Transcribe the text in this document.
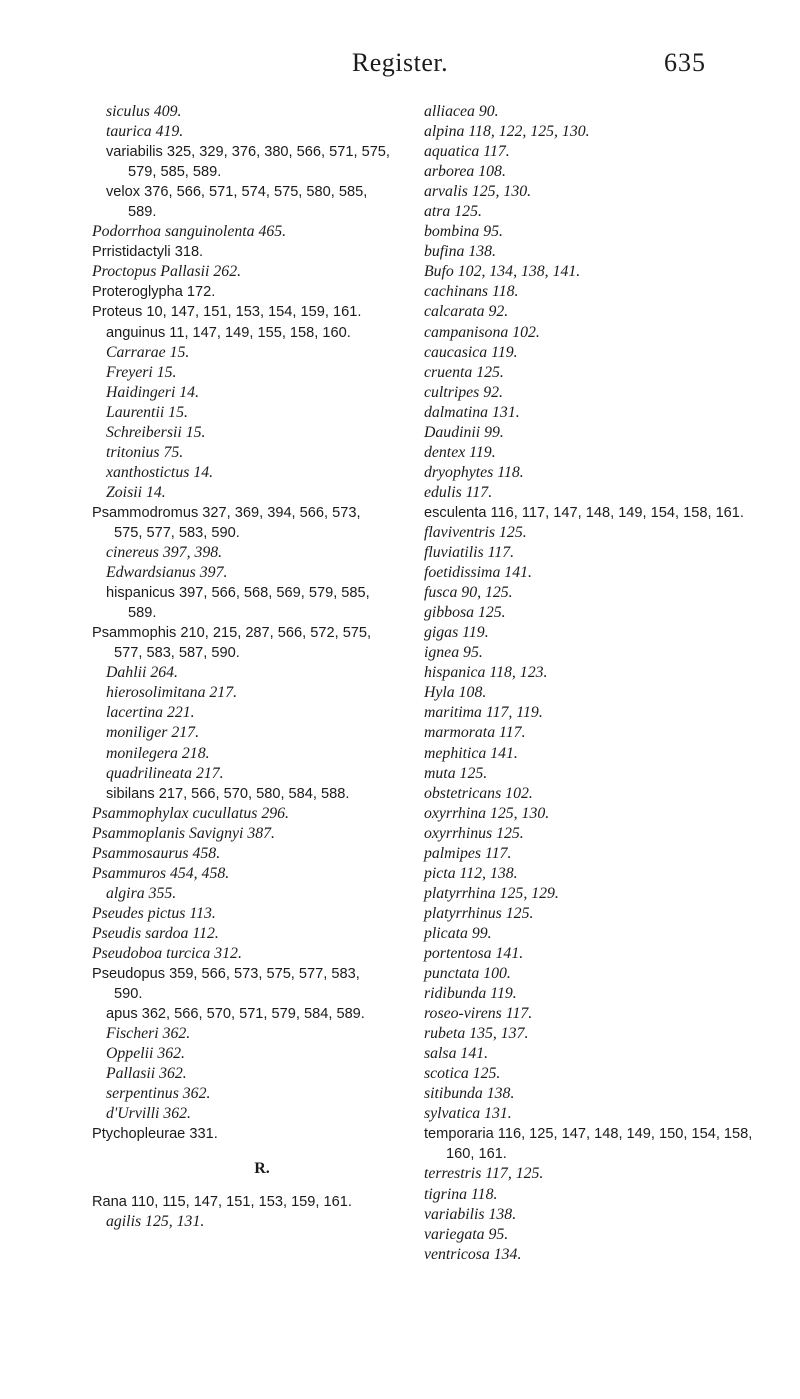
Register.	635
siculus 409.
taurica 419.
variabilis 325, 329, 376, 380, 566, 571, 575, 579, 585, 589.
velox 376, 566, 571, 574, 575, 580, 585, 589.
Podorrhoa sanguinolenta 465.
Prristidactyli 318.
Proctopus Pallasii 262.
Proteroglypha 172.
Proteus 10, 147, 151, 153, 154, 159, 161.
anguinus 11, 147, 149, 155, 158, 160.
Carrarae 15.
Freyeri 15.
Haidingeri 14.
Laurentii 15.
Schreibersii 15.
tritonius 75.
xanthostictus 14.
Zoisii 14.
Psammodromus 327, 369, 394, 566, 573, 575, 577, 583, 590.
cinereus 397, 398.
Edwardsianus 397.
hispanicus 397, 566, 568, 569, 579, 585, 589.
Psammophis 210, 215, 287, 566, 572, 575, 577, 583, 587, 590.
Dahlii 264.
hierosolimitana 217.
lacertina 221.
moniliger 217.
monilegera 218.
quadrilineata 217.
sibilans 217, 566, 570, 580, 584, 588.
Psammophylax cucullatus 296.
Psammoplanis Savignyi 387.
Psammosaurus 458.
Psammuros 454, 458.
algira 355.
Pseudes pictus 113.
Pseudis sardoa 112.
Pseudoboa turcica 312.
Pseudopus 359, 566, 573, 575, 577, 583, 590.
apus 362, 566, 570, 571, 579, 584, 589.
Fischeri 362.
Oppelii 362.
Pallasii 362.
serpentinus 362.
d'Urvilli 362.
Ptychopleurae 331.
R.
Rana 110, 115, 147, 151, 153, 159, 161.
agilis 125, 131.
alliacea 90.
alpina 118, 122, 125, 130.
aquatica 117.
arborea 108.
arvalis 125, 130.
atra 125.
bombina 95.
bufina 138.
Bufo 102, 134, 138, 141.
cachinans 118.
calcarata 92.
campanisona 102.
caucasica 119.
cruenta 125.
cultripes 92.
dalmatina 131.
Daudinii 99.
dentex 119.
dryophytes 118.
edulis 117.
esculenta 116, 117, 147, 148, 149, 154, 158, 161.
flaviventris 125.
fluviatilis 117.
foetidissima 141.
fusca 90, 125.
gibbosa 125.
gigas 119.
ignea 95.
hispanica 118, 123.
Hyla 108.
maritima 117, 119.
marmorata 117.
mephitica 141.
muta 125.
obstetricans 102.
oxyrrhina 125, 130.
oxyrrhinus 125.
palmipes 117.
picta 112, 138.
platyrrhina 125, 129.
platyrrhinus 125.
plicata 99.
portentosa 141.
punctata 100.
ridibunda 119.
roseo-virens 117.
rubeta 135, 137.
salsa 141.
scotica 125.
sitibunda 138.
sylvatica 131.
temporaria 116, 125, 147, 148, 149, 150, 154, 158, 160, 161.
terrestris 117, 125.
tigrina 118.
variabilis 138.
variegata 95.
ventricosa 134.
